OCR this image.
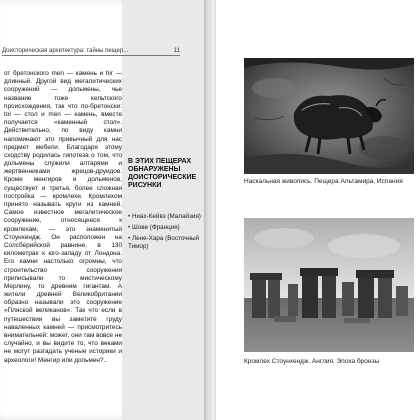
Доисторическая архитектура: тайны пещер...	11

от бретонского men — камень и hir — длинный. Другой вид мегалитических сооружений — дольмены, чье название тоже кельтского происхождения, так что по-бретонски: tol — стол и men — камень, вместе получается «каменный стол». Действительно, по виду камни напоминают это привычный для нас предмет мебели. Благодаря этому сходству родилась гипотеза о том, что дольмены служили алтарями и жертвенниками жрецов-друидов. Кроме менгиров и дольменов, существует и третья, более сложная постройка — кромлехи. Кромлехом принято называть круги из камней. Самое известное мегалитическое сооружение, относящееся к кромлехам, — это знаменитый Стоунхендж. Он расположен на Солсберийской равнине, в 130 километрах к юго-западу от Лондона. Его камни настолько огромны, что строительство сооружения приписывали то мистическому Мерлину, то древним гигантам. А жители древней Великобритании образно называли это сооружение «Пляской великанов». Так что если в путешествии вы заметите груду наваленных камней — присмотритесь внимательней: может, они там вовсе не случайно, и вы видите то, что веками не могут разгадать ученые историки и археологи! Менгир или дольмен?..

В ЭТИХ ПЕЩЕРАХ ОБНАРУЖЕНЫ ДОИСТОРИЧЕСКИЕ РИСУНКИ
• Ниах-Кейвз (Малайзия)
• Шове (Франция)
• Лене-Хара (Восточный Тимор)
Наскальная живопись. Пещера Альтамира, Испания
Кромлех Стоунхендж. Англия. Эпоха бронзы
